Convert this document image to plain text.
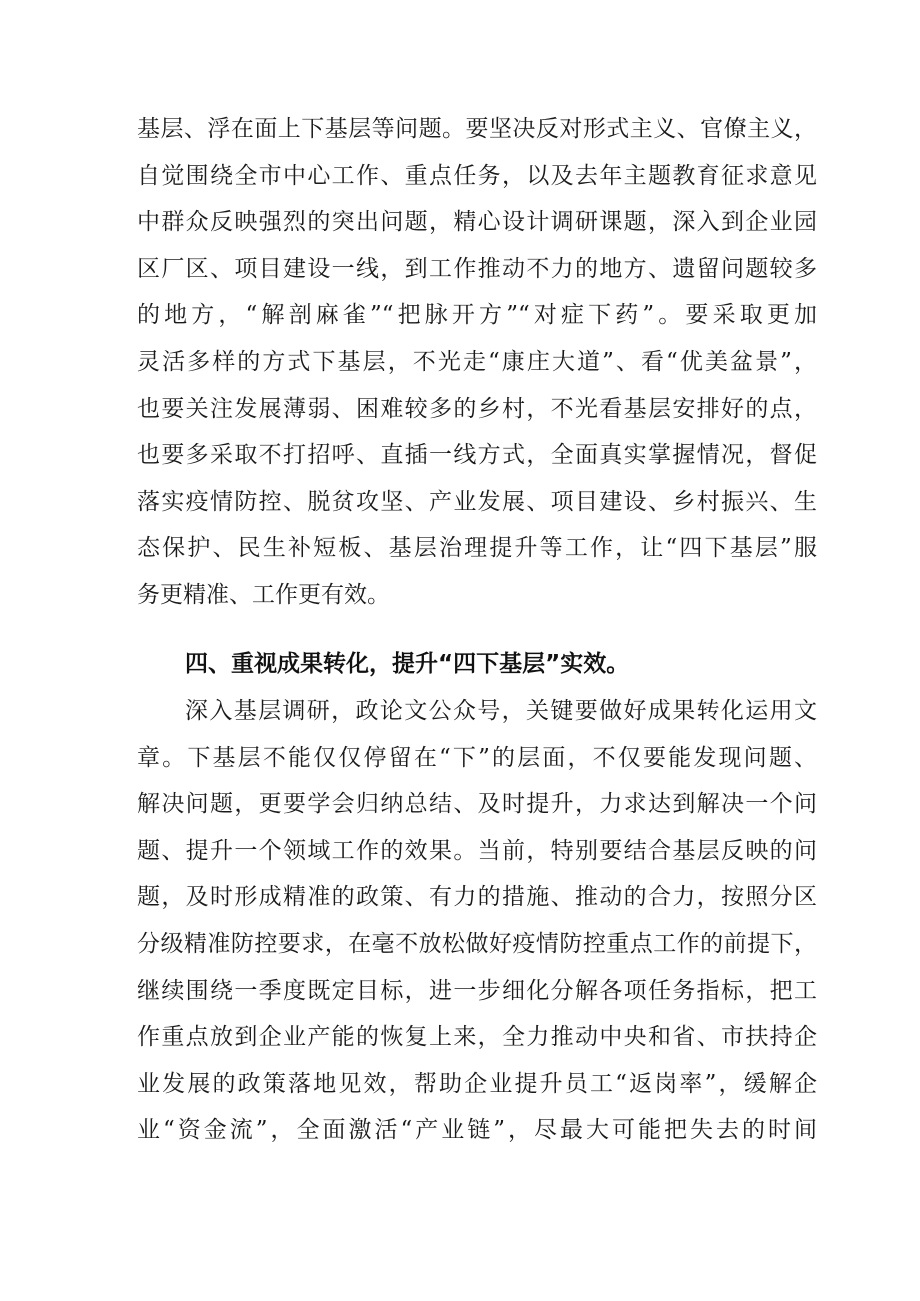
基层、浮在面上下基层等问题。要坚决反对形式主义、官僚主义，
自觉围绕全市中心工作、重点任务，以及去年主题教育征求意见
中群众反映强烈的突出问题，精心设计调研课题，深入到企业园
区厂区、项目建设一线，到工作推动不力的地方、遗留问题较多
的地方，“解剖麻雀”“把脉开方”“对症下药”。要采取更加
灵活多样的方式下基层，不光走“康庄大道”、看“优美盆景”，
也要关注发展薄弱、困难较多的乡村，不光看基层安排好的点，
也要多采取不打招呼、直插一线方式，全面真实掌握情况，督促
落实疫情防控、脱贫攻坚、产业发展、项目建设、乡村振兴、生
态保护、民生补短板、基层治理提升等工作，让“四下基层”服
务更精准、工作更有效。
四、重视成果转化，提升“四下基层”实效。
深入基层调研，政论文公众号，关键要做好成果转化运用文
章。下基层不能仅仅停留在“下”的层面，不仅要能发现问题、
解决问题，更要学会归纳总结、及时提升，力求达到解决一个问
题、提升一个领域工作的效果。当前，特别要结合基层反映的问
题，及时形成精准的政策、有力的措施、推动的合力，按照分区
分级精准防控要求，在毫不放松做好疫情防控重点工作的前提下，
继续围绕一季度既定目标，进一步细化分解各项任务指标，把工
作重点放到企业产能的恢复上来，全力推动中央和省、市扶持企
业发展的政策落地见效，帮助企业提升员工“返岗率”，缓解企
业“资金流”，全面激活“产业链”，尽最大可能把失去的时间
